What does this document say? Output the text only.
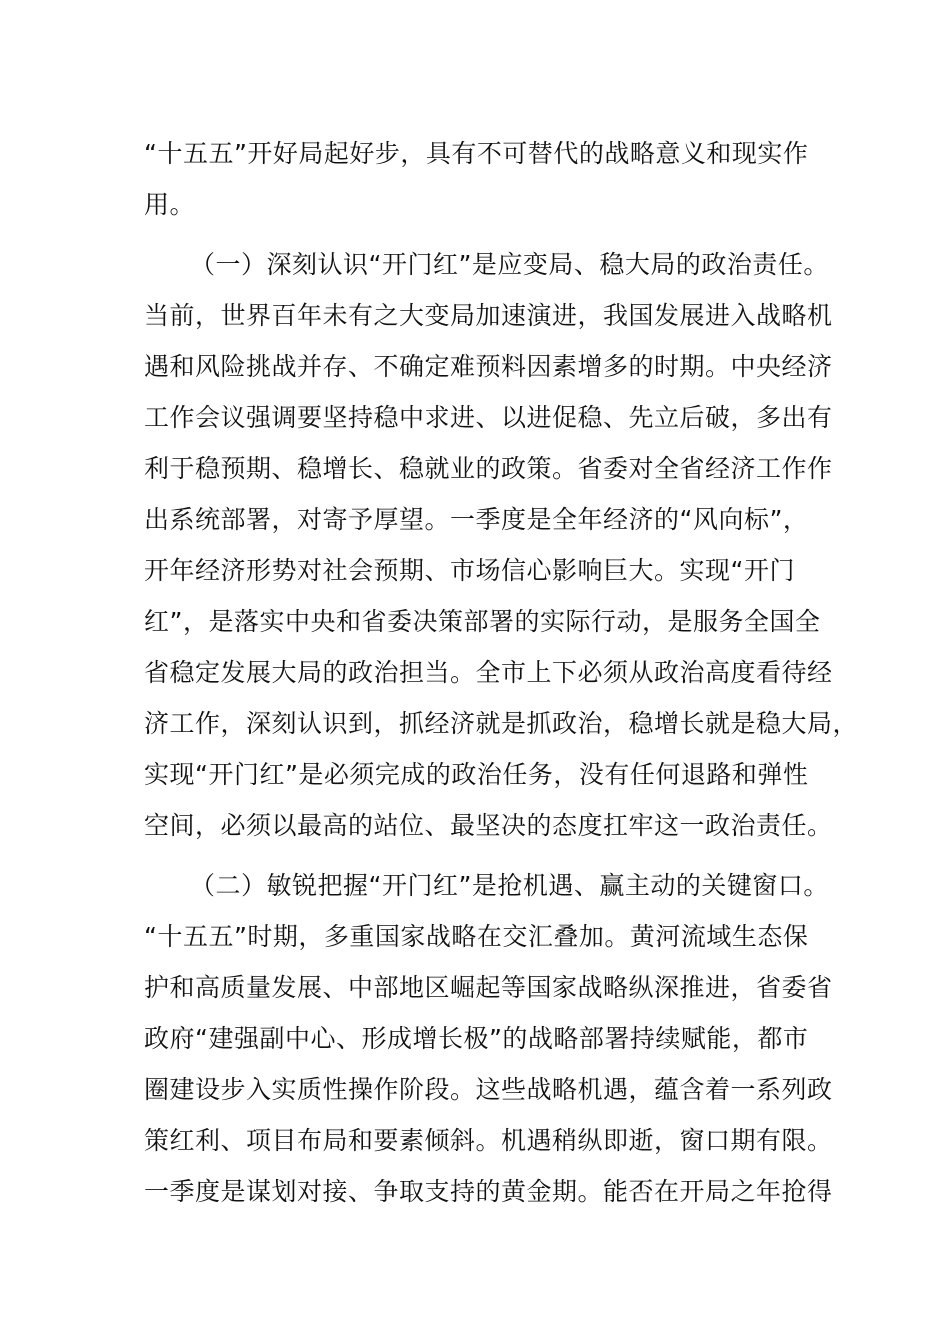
“十五五”开好局起好步，具有不可替代的战略意义和现实作
用。
（一）深刻认识“开门红”是应变局、稳大局的政治责任。
当前，世界百年未有之大变局加速演进，我国发展进入战略机
遇和风险挑战并存、不确定难预料因素增多的时期。中央经济
工作会议强调要坚持稳中求进、以进促稳、先立后破，多出有
利于稳预期、稳增长、稳就业的政策。省委对全省经济工作作
出系统部署，对寄予厚望。一季度是全年经济的“风向标”，
开年经济形势对社会预期、市场信心影响巨大。实现“开门
红”，是落实中央和省委决策部署的实际行动，是服务全国全
省稳定发展大局的政治担当。全市上下必须从政治高度看待经
济工作，深刻认识到，抓经济就是抓政治，稳增长就是稳大局，
实现“开门红”是必须完成的政治任务，没有任何退路和弹性
空间，必须以最高的站位、最坚决的态度扛牢这一政治责任。
（二）敏锐把握“开门红”是抢机遇、赢主动的关键窗口。
“十五五”时期，多重国家战略在交汇叠加。黄河流域生态保
护和高质量发展、中部地区崛起等国家战略纵深推进，省委省
政府“建强副中心、形成增长极”的战略部署持续赋能，都市
圈建设步入实质性操作阶段。这些战略机遇，蕴含着一系列政
策红利、项目布局和要素倾斜。机遇稍纵即逝，窗口期有限。
一季度是谋划对接、争取支持的黄金期。能否在开局之年抢得
